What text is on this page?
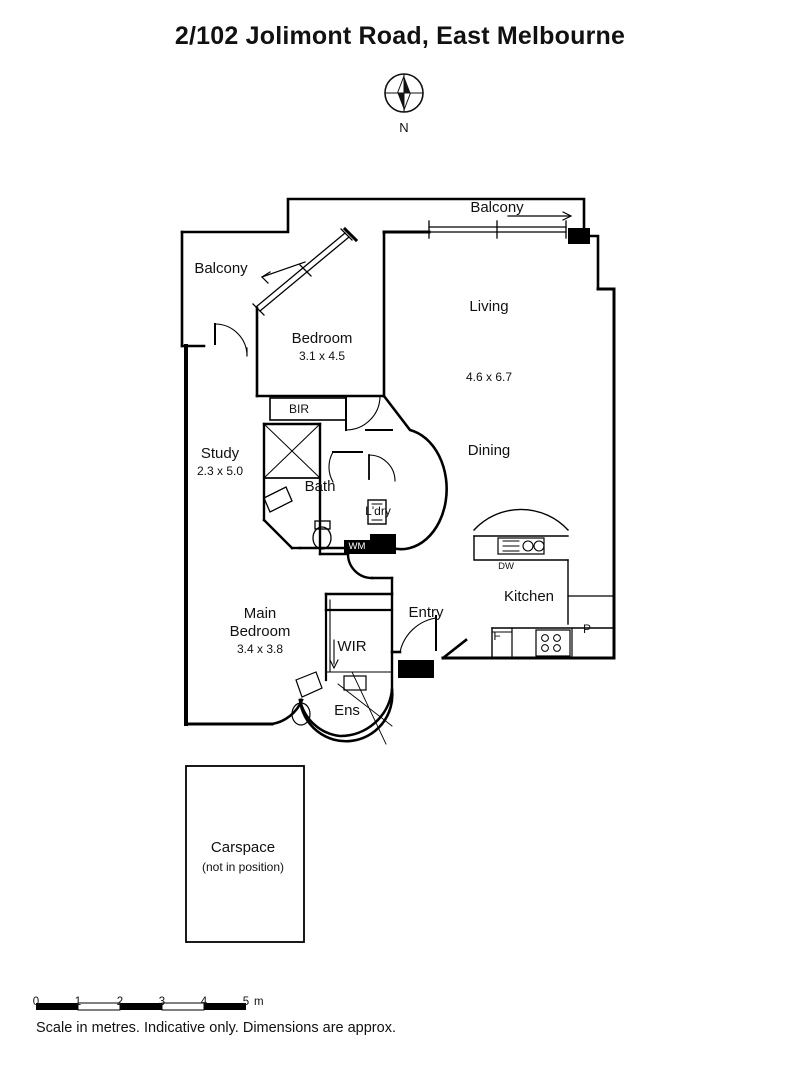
2/102 Jolimont Road, East Melbourne
N
Balcony
Balcony
Bedroom
3.1 x 4.5
BIR
Living
4.6 x 6.7
Dining
Study
2.3 x 5.0
Bath
L'dry
WM
DW
Kitchen
F	P
Entry
Main
Bedroom
3.4 x 3.8	WIR
Ens
Carspace
(not in position)
0	1	2	3	4	5 m
Scale in metres. Indicative only. Dimensions are approx.
